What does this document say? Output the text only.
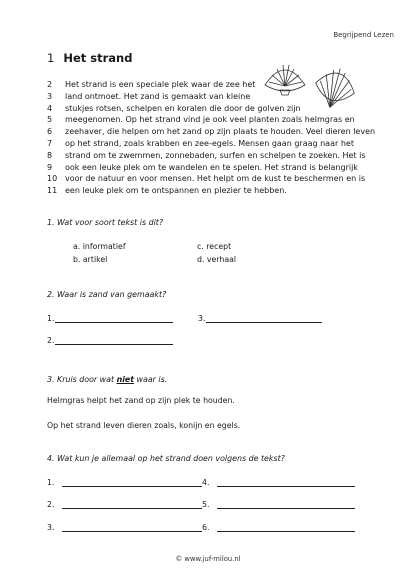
Begrijpend Lezen
1 Het strand
2	Het strand is een speciale plek waar de zee het
3	land ontmoet. Het zand is gemaakt van kleine
4	stukjes rotsen, schelpen en koralen die door de golven zijn
5	meegenomen. Op het strand vind je ook veel planten zoals helmgras en
6	zeehaver, die helpen om het zand op zijn plaats te houden. Veel dieren leven
7	op het strand, zoals krabben en zee-egels. Mensen gaan graag naar het
8	strand om te zwemmen, zonnebaden, surfen en schelpen te zoeken. Het is
9	ook een leuke plek om te wandelen en te spelen. Het strand is belangrijk
10 voor de natuur en voor mensen. Het helpt om de kust te beschermen en is
11 een leuke plek om te ontspannen en plezier te hebben.
1. Wat voor soort tekst is dit?
a. informatief
b. artikel
c. recept
d. verhaal
2. Waar is zand van gemaakt?
1.	3.
2.
3. Kruis door wat niet waar is.
Helmgras helpt het zand op zijn plek te houden.
Op het strand leven dieren zoals, konijn en egels.
4. Wat kun je allemaal op het strand doen volgens de tekst?
1.	4.
2.	5.
3.	6.
© www.juf-milou.nl
